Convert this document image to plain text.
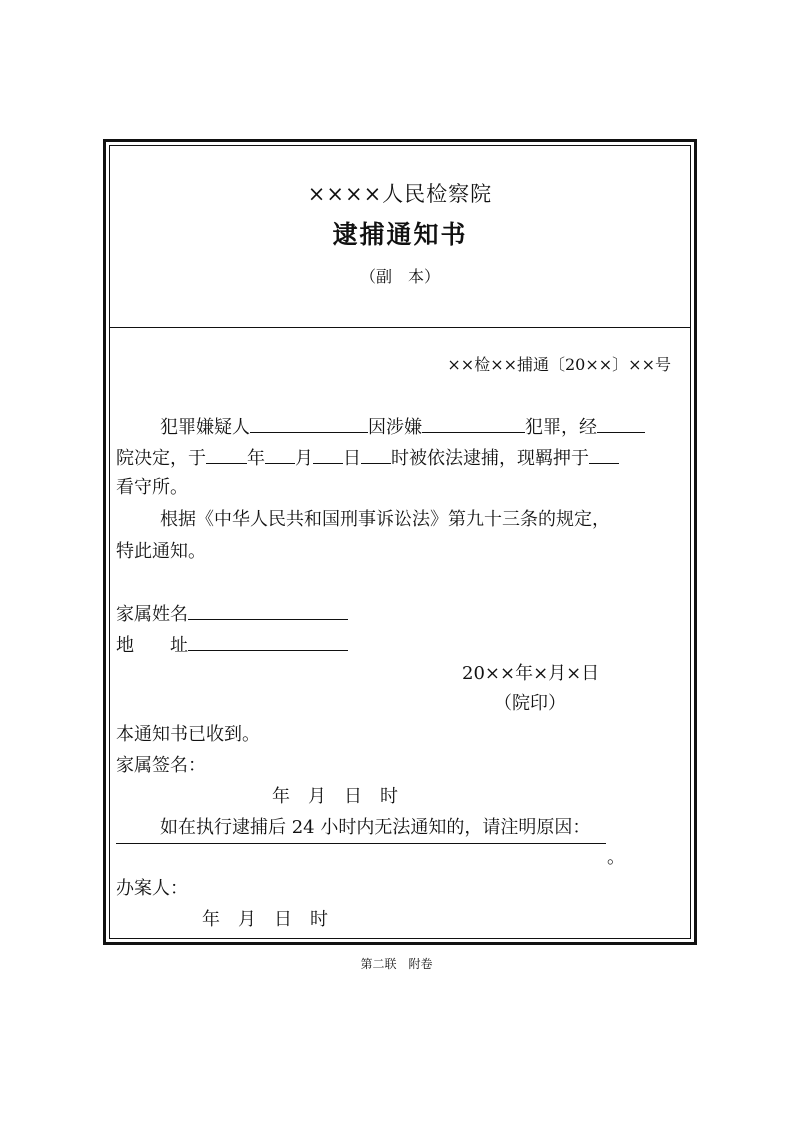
××××人民检察院
逮捕通知书
（副　本）
××检××捕通〔20××〕××号
犯罪嫌疑人	因涉嫌	犯罪，经
院决定，于 年 月 日 时被依法逮捕，现羁押于
看守所。
根据《中华人民共和国刑事诉讼法》第九十三条的规定，
特此通知。
家属姓名
地　　址
20××年×月×日
（院印）
本通知书已收到。
家属签名：
年　月　日　时
如在执行逮捕后 24 小时内无法通知的，请注明原因：
。
办案人：
年　月　日　时
第二联　附卷
